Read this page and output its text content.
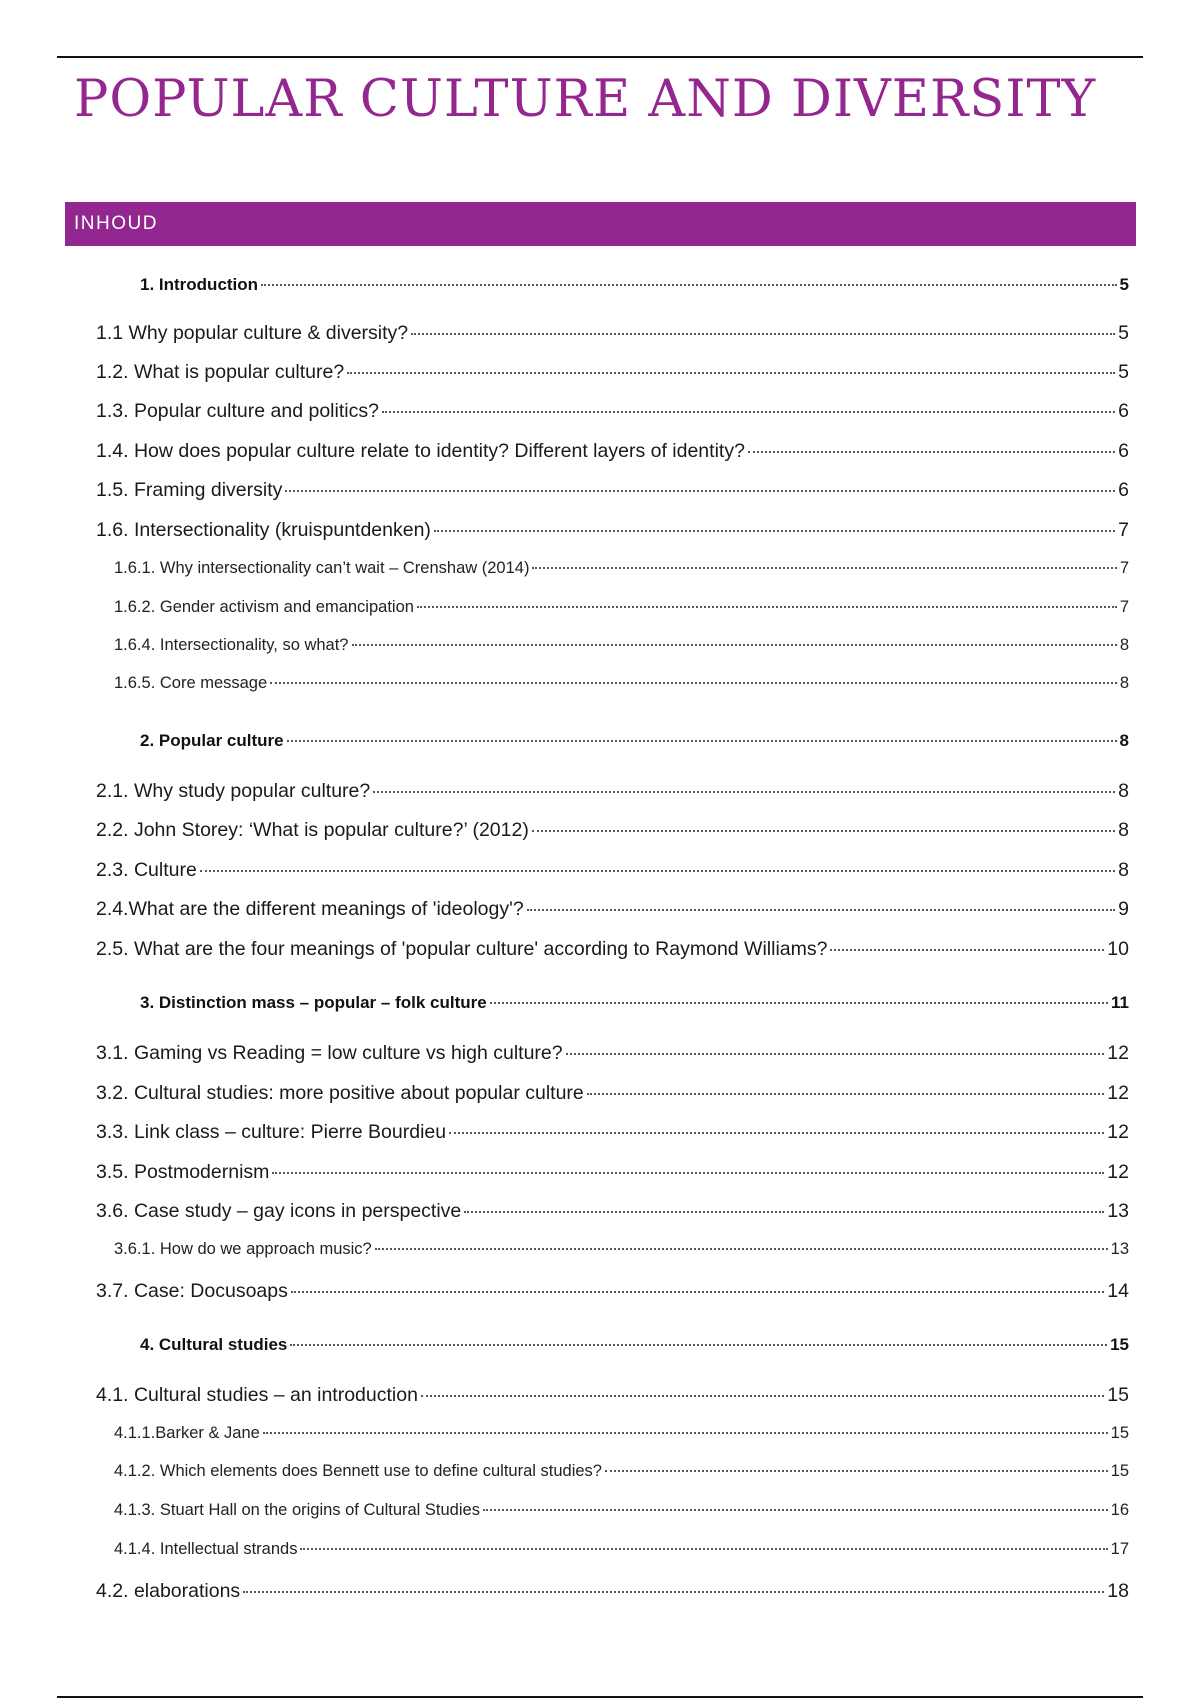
POPULAR CULTURE AND DIVERSITY
INHOUD
1. Introduction	5
1.1 Why popular culture & diversity?	5
1.2. What is popular culture?	5
1.3. Popular culture and politics?	6
1.4. How does popular culture relate to identity? Different layers of identity?	6
1.5. Framing diversity	6
1.6. Intersectionality (kruispuntdenken)	7
1.6.1. Why intersectionality can’t wait – Crenshaw (2014)	7
1.6.2. Gender activism and emancipation	7
1.6.4. Intersectionality, so what?	8
1.6.5. Core message	8
2. Popular culture	8
2.1. Why study popular culture?	8
2.2. John Storey: ‘What is popular culture?’ (2012)	8
2.3. Culture	8
2.4.What are the different meanings of 'ideology'?	9
2.5. What are the four meanings of 'popular culture' according to Raymond Williams?	10
3. Distinction mass – popular – folk culture	11
3.1. Gaming vs Reading = low culture vs high culture?	12
3.2. Cultural studies: more positive about popular culture	12
3.3. Link class – culture: Pierre Bourdieu	12
3.5. Postmodernism	12
3.6. Case study – gay icons in perspective	13
3.6.1. How do we approach music?	13
3.7. Case: Docusoaps	14
4. Cultural studies	15
4.1. Cultural studies – an introduction	15
4.1.1.Barker & Jane	15
4.1.2. Which elements does Bennett use to define cultural studies?	15
4.1.3. Stuart Hall on the origins of Cultural Studies	16
4.1.4. Intellectual strands	17
4.2. elaborations	18
